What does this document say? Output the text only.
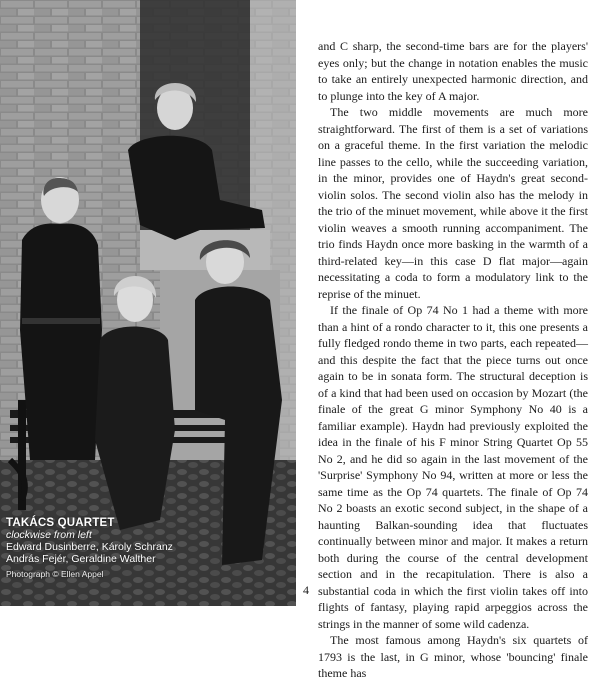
TAKÁCS QUARTET
clockwise from left
Edward Dusinberre, Károly Schranz
András Fejér, Geraldine Walther
Photograph © Ellen Appel

and C sharp, the second-time bars are for the players' eyes only; but the change in notation enables the music to take an entirely unexpected harmonic direction, and to plunge into the key of A major.

The two middle movements are much more straightforward. The first of them is a set of variations on a graceful theme. In the first variation the melodic line passes to the cello, while the succeeding variation, in the minor, provides one of Haydn's great second-violin solos. The second violin also has the melody in the trio of the minuet movement, while above it the first violin weaves a smooth running accompaniment. The trio finds Haydn once more basking in the warmth of a third-related key—in this case D flat major—again necessitating a coda to form a modulatory link to the reprise of the minuet.

If the finale of Op 74 No 1 had a theme with more than a hint of a rondo character to it, this one presents a fully fledged rondo theme in two parts, each repeated—and this despite the fact that the piece turns out once again to be in sonata form. The structural deception is of a kind that had been used on occasion by Mozart (the finale of the great G minor Symphony No 40 is a familiar example). Haydn had previously exploited the idea in the finale of his F minor String Quartet Op 55 No 2, and he did so again in the last movement of the 'Surprise' Symphony No 94, written at more or less the same time as the Op 74 quartets. The finale of Op 74 No 2 boasts an exotic second subject, in the shape of a haunting Balkan-sounding idea that fluctuates continually between minor and major. It makes a return both during the course of the central development section and in the recapitulation. There is also a substantial coda in which the first violin takes off into flights of fantasy, playing rapid arpeggios across the strings in the manner of some wild cadenza.

The most famous among Haydn's six quartets of 1793 is the last, in G minor, whose 'bouncing' finale theme has

4
